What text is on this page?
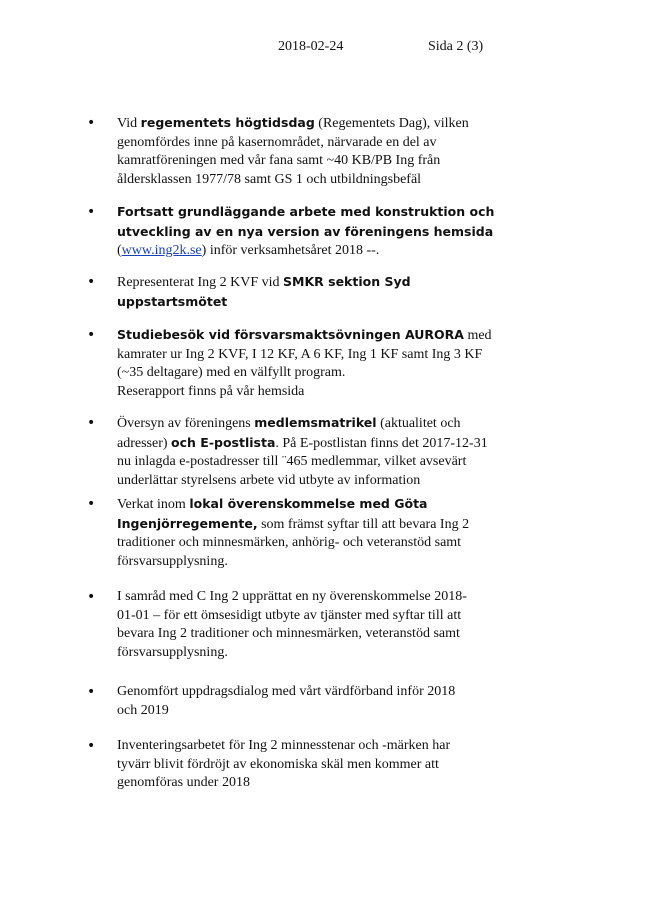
2018-02-24	Sida 2 (3)
• Vid regementets högtidsdag (Regementets Dag), vilken
genomfördes inne på kasernområdet, närvarade en del av
kamratföreningen med vår fana samt ~40 KB/PB Ing från
åldersklassen 1977/78 samt GS 1 och utbildningsbefäl
• Fortsatt grundläggande arbete med konstruktion och
utveckling av en nya version av föreningens hemsida
(www.ing2k.se) inför verksamhetsåret 2018 --.
• Representerat Ing 2 KVF vid SMKR sektion Syd
uppstartsmötet
• Studiebesök vid försvarsmaktsövningen AURORA med
kamrater ur Ing 2 KVF, I 12 KF, A 6 KF, Ing 1 KF samt Ing 3 KF
(~35 deltagare) med en välfyllt program.
Reserapport finns på vår hemsida
• Översyn av föreningens medlemsmatrikel (aktualitet och
adresser) och E-postlista. På E-postlistan finns det 2017-12-31
nu inlagda e-postadresser till ¨465 medlemmar, vilket avsevärt
underlättar styrelsens arbete vid utbyte av information
• Verkat inom lokal överenskommelse med Göta
Ingenjörregemente, som främst syftar till att bevara Ing 2
traditioner och minnesmärken, anhörig- och veteranstöd samt
försvarsupplysning.
• I samråd med C Ing 2 upprättat en ny överenskommelse 2018-
01-01 – för ett ömsesidigt utbyte av tjänster med syftar till att
bevara Ing 2 traditioner och minnesmärken, veteranstöd samt
försvarsupplysning.
• Genomfört uppdragsdialog med vårt värdförband inför 2018
och 2019
• Inventeringsarbetet för Ing 2 minnesstenar och -märken har
tyvärr blivit fördröjt av ekonomiska skäl men kommer att
genomföras under 2018
